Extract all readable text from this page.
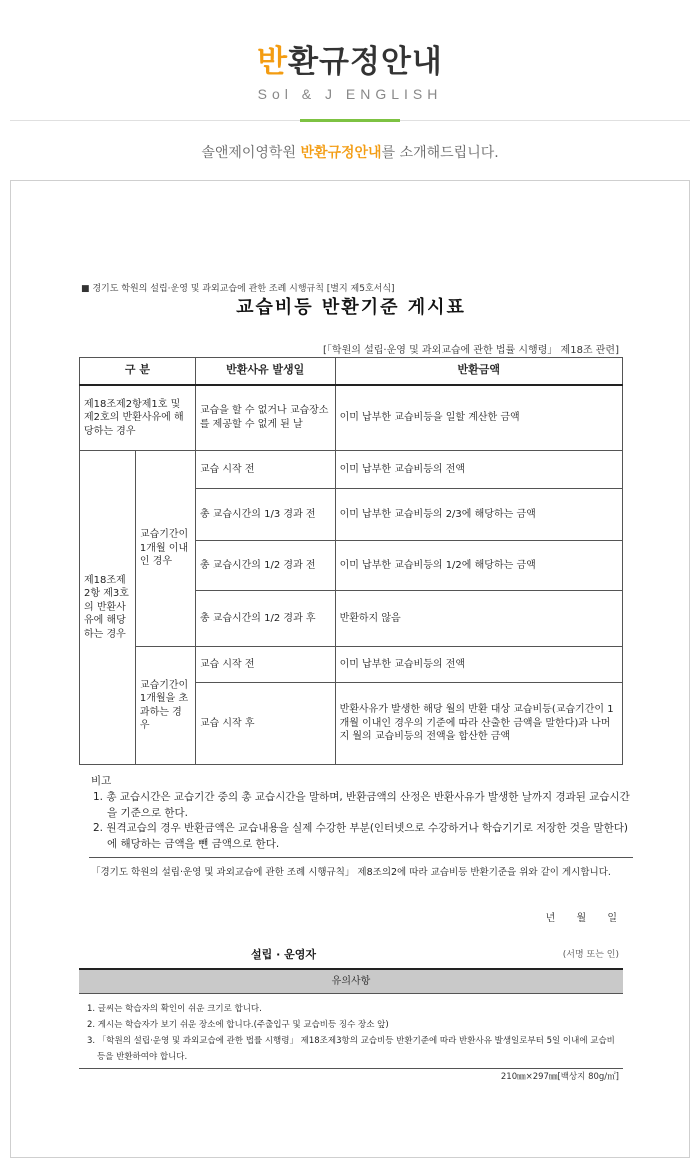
반환규정안내
Sol & J ENGLISH
솔앤제이영학원 반환규정안내를 소개해드립니다.
■ 경기도 학원의 설립·운영 및 과외교습에 관한 조례 시행규칙 [별지 제5호서식]
교습비등 반환기준 게시표
[「학원의 설립·운영 및 과외교습에 관한 법률 시행령」 제18조 관련]
구 분		반환사유 발생일	반환금액
제18조제2항제1호 및 제2호의 반환사유에 해당하는 경우		교습을 할 수 없거나 교습장소를 제공할 수 없게 된 날	이미 납부한 교습비등을 일할 계산한 금액
제18조제2항 제3호의 반환사유에 해당하는 경우	교습기간이 1개월 이내인 경우	교습 시작 전	이미 납부한 교습비등의 전액
		총 교습시간의 1/3 경과 전	이미 납부한 교습비등의 2/3에 해당하는 금액
		총 교습시간의 1/2 경과 전	이미 납부한 교습비등의 1/2에 해당하는 금액
		총 교습시간의 1/2 경과 후	반환하지 않음
	교습기간이 1개월을 초과하는 경우	교습 시작 전	이미 납부한 교습비등의 전액
		교습 시작 후	반환사유가 발생한 해당 월의 반환 대상 교습비등(교습기간이 1개월 이내인 경우의 기준에 따라 산출한 금액을 말한다)과 나머지 월의 교습비등의 전액을 합산한 금액
비고
1. 총 교습시간은 교습기간 중의 총 교습시간을 말하며, 반환금액의 산정은 반환사유가 발생한 날까지 경과된 교습시간을 기준으로 한다.
2. 원격교습의 경우 반환금액은 교습내용을 실제 수강한 부분(인터넷으로 수강하거나 학습기기로 저장한 것을 말한다)에 해당하는 금액을 뺀 금액으로 한다.
「경기도 학원의 설립·운영 및 과외교습에 관한 조례 시행규칙」 제8조의2에 따라 교습비등 반환기준을 위와 같이 게시합니다.
년 월 일
설립 · 운영자	(서명 또는 인)
유의사항
1. 글씨는 학습자의 확인이 쉬운 크기로 합니다.
2. 게시는 학습자가 보기 쉬운 장소에 합니다.(주출입구 및 교습비등 징수 장소 앞)
3. 「학원의 설립·운영 및 과외교습에 관한 법률 시행령」 제18조제3항의 교습비등 반환기준에 따라 반환사유 발생일로부터 5일 이내에 교습비등을 반환하여야 합니다.
210㎜×297㎜[백상지 80g/㎡]
